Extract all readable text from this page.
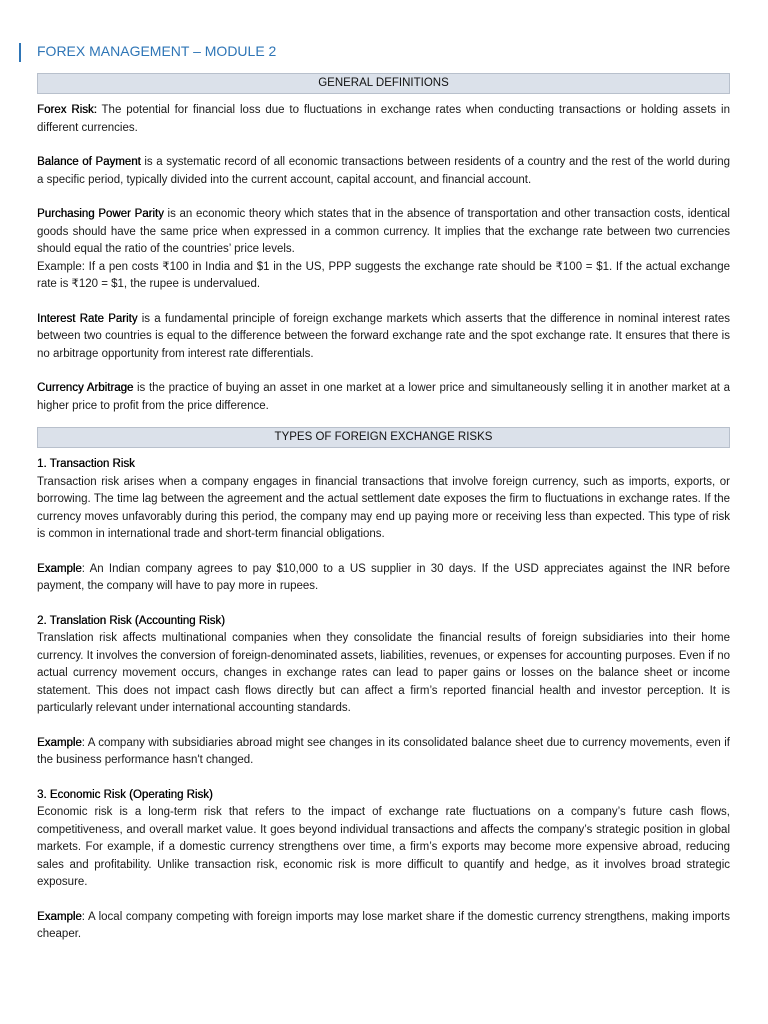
FOREX MANAGEMENT – MODULE 2
GENERAL DEFINITIONS

Forex Risk: The potential for financial loss due to fluctuations in exchange rates when conducting transactions or holding assets in different currencies.

Balance of Payment is a systematic record of all economic transactions between residents of a country and the rest of the world during a specific period, typically divided into the current account, capital account, and financial account.

Purchasing Power Parity is an economic theory which states that in the absence of transportation and other transaction costs, identical goods should have the same price when expressed in a common currency. It implies that the exchange rate between two currencies should equal the ratio of the countries’ price levels.

Example: If a pen costs ₹100 in India and $1 in the US, PPP suggests the exchange rate should be ₹100 = $1. If the actual exchange rate is ₹120 = $1, the rupee is undervalued.

Interest Rate Parity is a fundamental principle of foreign exchange markets which asserts that the difference in nominal interest rates between two countries is equal to the difference between the forward exchange rate and the spot exchange rate. It ensures that there is no arbitrage opportunity from interest rate differentials.

Currency Arbitrage is the practice of buying an asset in one market at a lower price and simultaneously selling it in another market at a higher price to profit from the price difference.

TYPES OF FOREIGN EXCHANGE RISKS
1. Transaction Risk

Transaction risk arises when a company engages in financial transactions that involve foreign currency, such as imports, exports, or borrowing. The time lag between the agreement and the actual settlement date exposes the firm to fluctuations in exchange rates. If the currency moves unfavorably during this period, the company may end up paying more or receiving less than expected. This type of risk is common in international trade and short-term financial obligations.

Example: An Indian company agrees to pay $10,000 to a US supplier in 30 days. If the USD appreciates against the INR before payment, the company will have to pay more in rupees.

2. Translation Risk (Accounting Risk)

Translation risk affects multinational companies when they consolidate the financial results of foreign subsidiaries into their home currency. It involves the conversion of foreign-denominated assets, liabilities, revenues, or expenses for accounting purposes. Even if no actual currency movement occurs, changes in exchange rates can lead to paper gains or losses on the balance sheet or income statement. This does not impact cash flows directly but can affect a firm’s reported financial health and investor perception. It is particularly relevant under international accounting standards.

Example: A company with subsidiaries abroad might see changes in its consolidated balance sheet due to currency movements, even if the business performance hasn't changed.

3. Economic Risk (Operating Risk)

Economic risk is a long-term risk that refers to the impact of exchange rate fluctuations on a company’s future cash flows, competitiveness, and overall market value. It goes beyond individual transactions and affects the company’s strategic position in global markets. For example, if a domestic currency strengthens over time, a firm’s exports may become more expensive abroad, reducing sales and profitability. Unlike transaction risk, economic risk is more difficult to quantify and hedge, as it involves broad strategic exposure.

Example: A local company competing with foreign imports may lose market share if the domestic currency strengthens, making imports cheaper.
